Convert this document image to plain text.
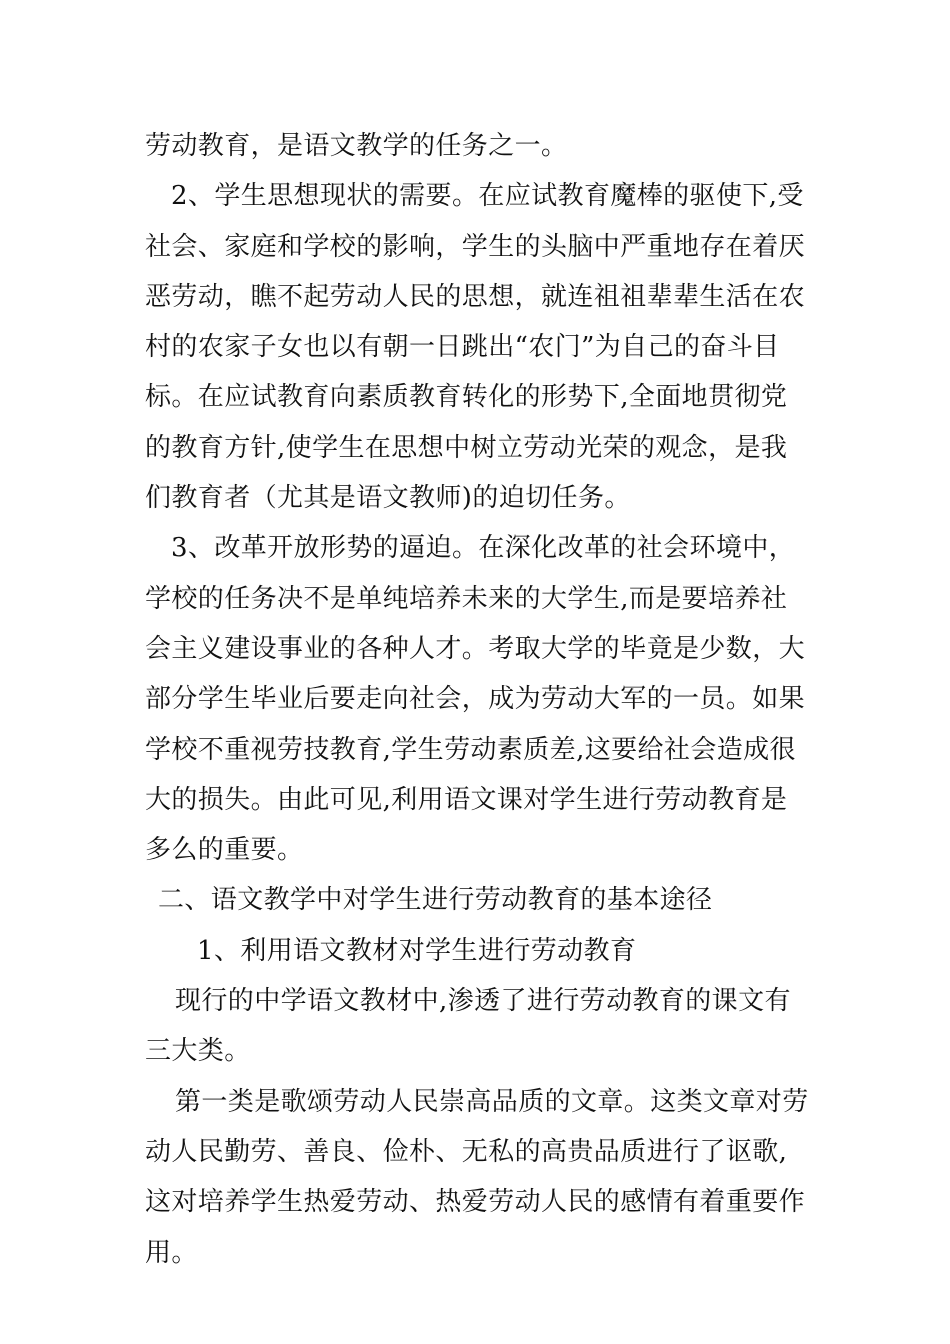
劳动教育，是语文教学的任务之一。

2、学生思想现状的需要。在应试教育魔棒的驱使下,受社会、家庭和学校的影响，学生的头脑中严重地存在着厌恶劳动，瞧不起劳动人民的思想，就连祖祖辈辈生活在农村的农家子女也以有朝一日跳出“农门”为自己的奋斗目标。在应试教育向素质教育转化的形势下,全面地贯彻党的教育方针,使学生在思想中树立劳动光荣的观念，是我们教育者（尤其是语文教师)的迫切任务。

3、改革开放形势的逼迫。在深化改革的社会环境中，学校的任务决不是单纯培养未来的大学生,而是要培养社会主义建设事业的各种人才。考取大学的毕竟是少数，大部分学生毕业后要走向社会，成为劳动大军的一员。如果学校不重视劳技教育,学生劳动素质差,这要给社会造成很大的损失。由此可见,利用语文课对学生进行劳动教育是多么的重要。

二、语文教学中对学生进行劳动教育的基本途径

1、利用语文教材对学生进行劳动教育

现行的中学语文教材中,渗透了进行劳动教育的课文有三大类。

第一类是歌颂劳动人民崇高品质的文章。这类文章对劳动人民勤劳、善良、俭朴、无私的高贵品质进行了讴歌,这对培养学生热爱劳动、热爱劳动人民的感情有着重要作用。
